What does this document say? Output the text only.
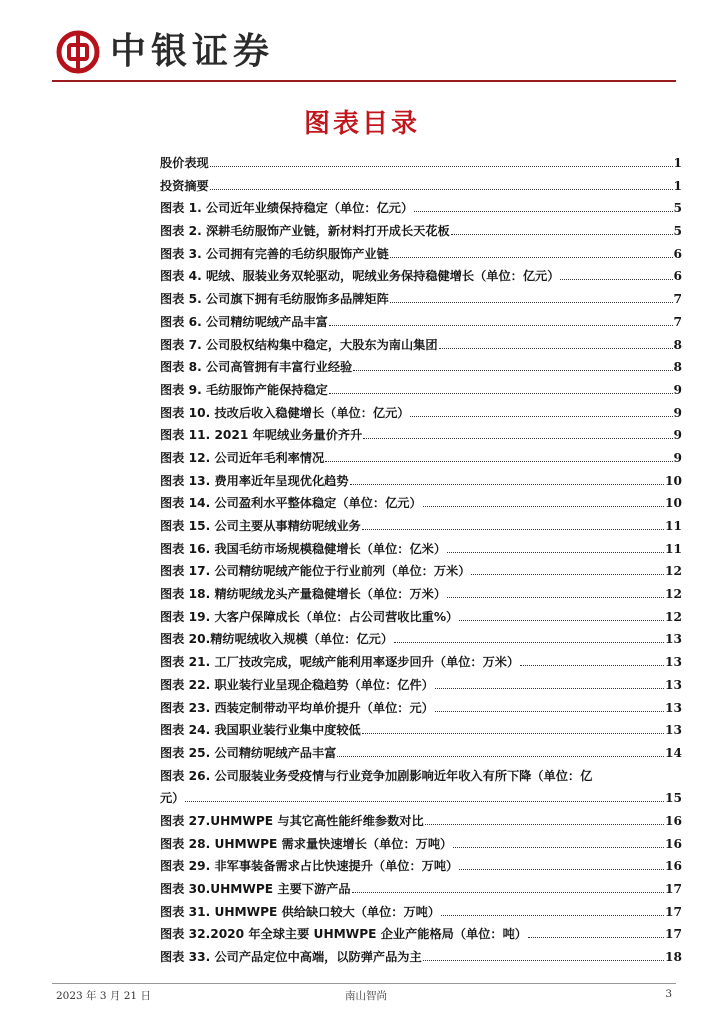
中银证券
图表目录
股价表现	1
投资摘要	1
图表 1. 公司近年业绩保持稳定（单位：亿元）	5
图表 2. 深耕毛纺服饰产业链，新材料打开成长天花板	5
图表 3. 公司拥有完善的毛纺织服饰产业链	6
图表 4. 呢绒、服装业务双轮驱动，呢绒业务保持稳健增长（单位：亿元）	6
图表 5. 公司旗下拥有毛纺服饰多品牌矩阵	7
图表 6. 公司精纺呢绒产品丰富	7
图表 7. 公司股权结构集中稳定，大股东为南山集团	8
图表 8. 公司高管拥有丰富行业经验	8
图表 9. 毛纺服饰产能保持稳定	9
图表 10. 技改后收入稳健增长（单位：亿元）	9
图表 11. 2021 年呢绒业务量价齐升	9
图表 12. 公司近年毛利率情况	9
图表 13. 费用率近年呈现优化趋势	10
图表 14. 公司盈利水平整体稳定（单位：亿元）	10
图表 15. 公司主要从事精纺呢绒业务	11
图表 16. 我国毛纺市场规模稳健增长（单位：亿米）	11
图表 17. 公司精纺呢绒产能位于行业前列（单位：万米）	12
图表 18. 精纺呢绒龙头产量稳健增长（单位：万米）	12
图表 19. 大客户保障成长（单位：占公司营收比重%）	12
图表 20.精纺呢绒收入规模（单位：亿元）	13
图表 21. 工厂技改完成，呢绒产能利用率逐步回升（单位：万米）	13
图表 22. 职业装行业呈现企稳趋势（单位：亿件）	13
图表 23. 西装定制带动平均单价提升（单位：元）	13
图表 24. 我国职业装行业集中度较低	13
图表 25. 公司精纺呢绒产品丰富	14
图表 26. 公司服装业务受疫情与行业竞争加剧影响近年收入有所下降（单位：亿
元）	15
图表 27.UHMWPE 与其它高性能纤维参数对比	16
图表 28. UHMWPE 需求量快速增长（单位：万吨）	16
图表 29. 非军事装备需求占比快速提升（单位：万吨）	16
图表 30.UHMWPE 主要下游产品	17
图表 31. UHMWPE 供给缺口较大（单位：万吨）	17
图表 32.2020 年全球主要 UHMWPE 企业产能格局（单位：吨）	17
图表 33. 公司产品定位中高端，以防弹产品为主	18
2023 年 3 月 21 日	南山智尚	3
